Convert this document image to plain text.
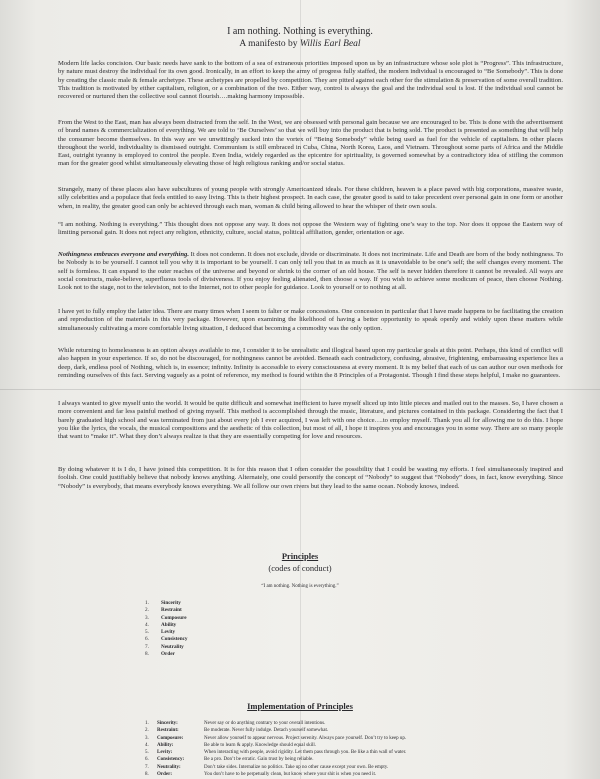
I am nothing. Nothing is everything.
A manifesto by Willis Earl Beal

Modern life lacks concision. Our basic needs have sank to the bottom of a sea of extraneous priorities imposed upon us by an infrastructure whose sole plot is “Progress”. This infrastructure, by nature must destroy the individual for its own good. Ironically, in an effort to keep the army of progress fully staffed, the modern individual is encouraged to “Be Somebody”. This is done by creating the classic male & female archetype. These archetypes are propelled by competition. They are pitted against each other for the stimulation & preservation of some overall tradition. This tradition is motivated by either capitalism, religion, or a combination of the two. Either way, control is always the goal and the individual soul is lost. If the individual soul cannot be recovered or nurtured then the collective soul cannot flourish….making harmony impossible.

From the West to the East, man has always been distracted from the self. In the West, we are obsessed with personal gain because we are encouraged to be. This is done with the advertisement of brand names & commercialization of everything. We are told to ‘Be Ourselves’ so that we will buy into the product that is being sold. The product is presented as something that will help the consumer become themselves. In this way are we unwittingly sucked into the vortex of “Being Somebody” while being used as fuel for the vehicle of capitalism. In other places throughout the world, individuality is dismissed outright. Communism is still embraced in Cuba, China, North Korea, Laos, and Vietnam. Throughout some parts of Africa and the Middle East, outright tyranny is employed to control the people. Even India, widely regarded as the epicentre for spirituality, is governed somewhat by a contradictory idea of stifling the common man for the greater good whilst simultaneously elevating those of high religious ranking and/or social status.

Strangely, many of these places also have subcultures of young people with strongly Americanized ideals. For these children, heaven is a place paved with big corporations, massive waste, silly celebrities and a populace that feels entitled to easy living. This is their highest prospect. In each case, the greater good is said to take precedent over personal gain in one form or another when, in reality, the greater good can only be achieved through each man, woman & child being allowed to hear the whisper of their own souls.

“I am nothing. Nothing is everything.” This thought does not oppose any way. It does not oppose the Western way of fighting one’s way to the top. Nor does it oppose the Eastern way of limiting personal gain. It does not reject any religion, ethnicity, culture, social status, political affiliation, gender, orientation or age.

Nothingness embraces everyone and everything. It does not condemn. It does not exclude, divide or discriminate. It does not incriminate. Life and Death are born of the body nothingness. To be Nobody is to be yourself. I cannot tell you why it is important to be yourself. I can only tell you that in as much as it is unavoidable to be one’s self; the self changes every moment. The self is formless. It can expand to the outer reaches of the universe and beyond or shrink to the corner of an old house. The self is never hidden therefore it cannot be revealed. All ways are social constructs, make-believe, superfluous tools of divisiveness. If you enjoy feeling alienated, then choose a way. If you wish to achieve some modicum of peace, then choose Nothing. Look not to the stage, not to the television, not to the Internet, not to other people for guidance. Look to yourself or to nothing at all.

I have yet to fully employ the latter idea. There are many times when I seem to falter or make concessions. One concession in particular that I have made happens to be facilitating the creation and reproduction of the materials in this very package. However, upon examining the likelihood of having a better opportunity to speak openly and widely upon these matters while simultaneously cultivating a more comfortable living situation, I deduced that becoming a commodity was the only option.

While returning to homelessness is an option always available to me, I consider it to be unrealistic and illogical based upon my particular goals at this point. Perhaps, this kind of conflict will also happen in your experience. If so, do not be discouraged, for nothingness cannot be avoided. Beneath each contradictory, confusing, abrasive, frightening, embarrassing experience lies a deep, dark, endless pool of Nothing, which is, in essence; infinity. Infinity is accessible to every consciousness at every moment. It is my belief that each of us can author our own methods for reminding ourselves of this fact. Serving vaguely as a point of reference, my method is found within the 8 Principles of a Protagonist. Though I find these steps helpful, I make no guarantees.

I always wanted to give myself unto the world. It would be quite difficult and somewhat inefficient to have myself sliced up into little pieces and mailed out to the masses. So, I have chosen a more convenient and far less painful method of giving myself. This method is accomplished through the music, literature, and pictures contained in this package. Considering the fact that I barely graduated high school and was terminated from just about every job I ever acquired, I was left with one choice….to employ myself. Thank you all for allowing me to do this. I hope you like the lyrics, the vocals, the musical compositions and the aesthetic of this collection, but most of all, I hope it inspires you and encourages you in some way. There are so many people that want to “make it”. What they don’t always realize is that they are essentially competing for love and resources.

By doing whatever it is I do, I have joined this competition. It is for this reason that I often consider the possibility that I could be wasting my efforts. I feel simultaneously inspired and foolish. One could justifiably believe that nobody knows anything. Alternately, one could personify the concept of “Nobody” to suggest that “Nobody” does, in fact, know everything. Since “Nobody” is everybody, that means everybody knows everything. We all follow our own rivers but they lead to the same ocean. Nobody knows, indeed.

Principles
(codes of conduct)
“I am nothing. Nothing is everything.”
1.	Sincerity
2.	Restraint
3.	Composure
4.	Ability
5.	Levity
6.	Consistency
7.	Neutrality
8.	Order
Implementation of Principles
1.	Sincerity:	Never say or do anything contrary to your overall intentions.
2.	Restraint:	Be moderate. Never fully indulge. Detach yourself somewhat.
3.	Composure:	Never allow yourself to appear nervous. Project serenity. Always pace yourself. Don’t try to keep up.
4.	Ability:	Be able to learn & apply. Knowledge should equal skill.
5.	Levity:	When interacting with people, avoid rigidity. Let them pass through you. Be like a thin wall of water.
6.	Consistency:	Be a pro. Don’t be erratic. Gain trust by being reliable.
7.	Neutrality:	Don’t take sides. Internalize no politics. Take up no other cause except your own. Be empty.
8.	Order:	You don’t have to be perpetually clean, but know where your shit is when you need it.
